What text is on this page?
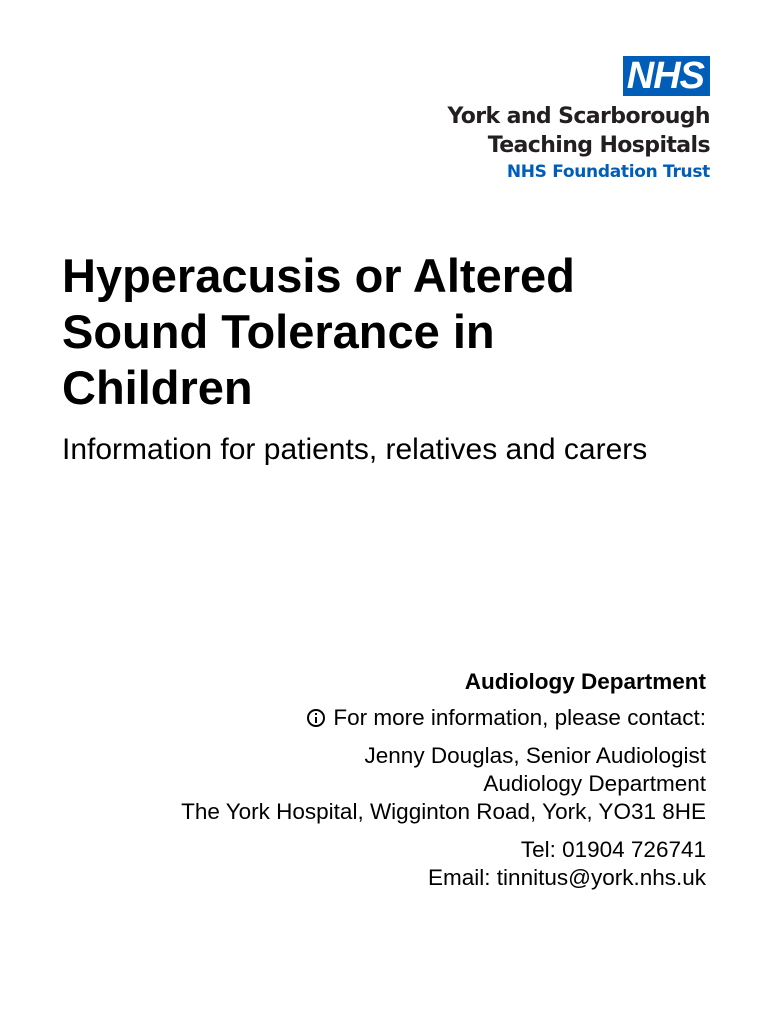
NHS
York and Scarborough
Teaching Hospitals
NHS Foundation Trust
Hyperacusis or Altered
Sound Tolerance in
Children

Information for patients, relatives and carers

Audiology Department
For more information, please contact:
Jenny Douglas, Senior Audiologist
Audiology Department
The York Hospital, Wigginton Road, York, YO31 8HE
Tel: 01904 726741
Email: tinnitus@york.nhs.uk
